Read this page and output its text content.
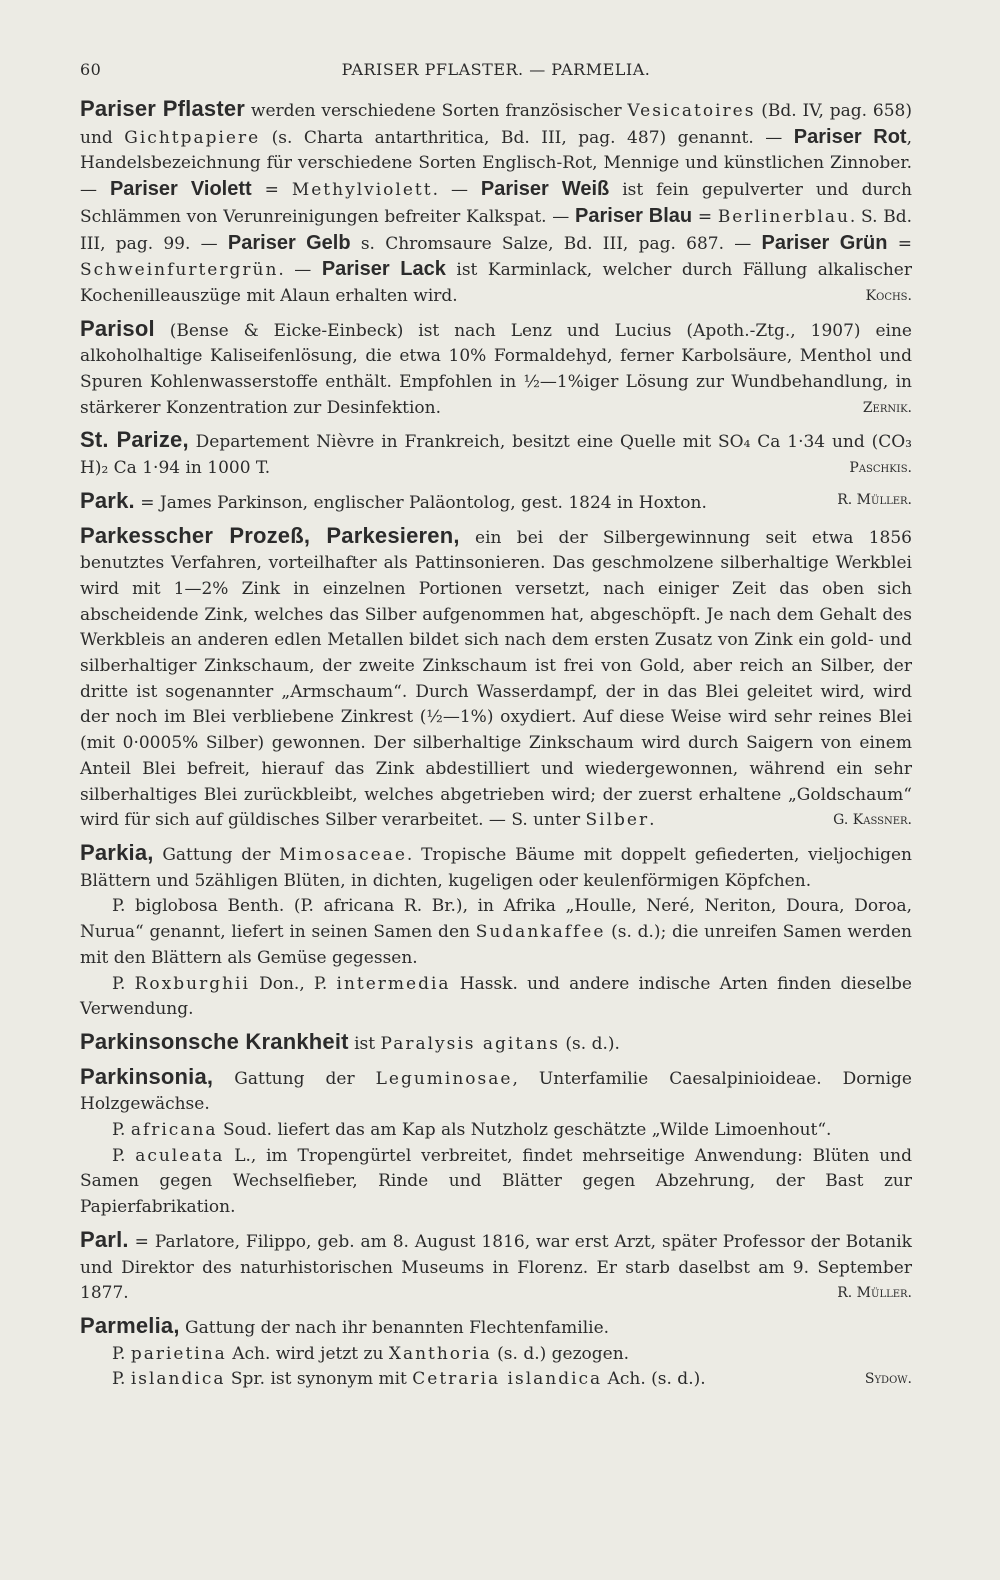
60	PARISER PFLASTER. — PARMELIA.
Pariser Pflaster werden verschiedene Sorten französischer Vesicatoires (Bd. IV, pag. 658) und Gichtpapiere (s. Charta antarthritica, Bd. III, pag. 487) genannt. — Pariser Rot, Handelsbezeichnung für verschiedene Sorten Englisch-Rot, Mennige und künstlichen Zinnober. — Pariser Violett = Methylviolett. — Pariser Weiß ist fein gepulverter und durch Schlämmen von Verunreinigungen befreiter Kalkspat. — Pariser Blau = Berlinerblau. S. Bd. III, pag. 99. — Pariser Gelb s. Chromsaure Salze, Bd. III, pag. 687. — Pariser Grün = Schweinfurtergrün. — Pariser Lack ist Karminlack, welcher durch Fällung alkalischer Kochenilleauszüge mit Alaun erhalten wird.	Kochs.
Parisol (Bense & Eicke-Einbeck) ist nach Lenz und Lucius (Apoth.-Ztg., 1907) eine alkoholhaltige Kaliseifenlösung, die etwa 10% Formaldehyd, ferner Karbolsäure, Menthol und Spuren Kohlenwasserstoffe enthält. Empfohlen in ½—1%iger Lösung zur Wundbehandlung, in stärkerer Konzentration zur Desinfektion.	Zernik.
St. Parize, Departement Nièvre in Frankreich, besitzt eine Quelle mit SO₄ Ca 1·34 und (CO₃ H)₂ Ca 1·94 in 1000 T.	Paschkis.
Park. = James Parkinson, englischer Paläontolog, gest. 1824 in Hoxton.	R. Müller.
Parkesscher Prozeß, Parkesieren, ein bei der Silbergewinnung seit etwa 1856 benutztes Verfahren, vorteilhafter als Pattinsonieren. Das geschmolzene silberhaltige Werkblei wird mit 1—2% Zink in einzelnen Portionen versetzt, nach einiger Zeit das oben sich abscheidende Zink, welches das Silber aufgenommen hat, abgeschöpft. Je nach dem Gehalt des Werkbleis an anderen edlen Metallen bildet sich nach dem ersten Zusatz von Zink ein gold- und silberhaltiger Zinkschaum, der zweite Zinkschaum ist frei von Gold, aber reich an Silber, der dritte ist sogenannter „Armschaum“. Durch Wasserdampf, der in das Blei geleitet wird, wird der noch im Blei verbliebene Zinkrest (½—1%) oxydiert. Auf diese Weise wird sehr reines Blei (mit 0·0005% Silber) gewonnen. Der silberhaltige Zinkschaum wird durch Saigern von einem Anteil Blei befreit, hierauf das Zink abdestilliert und wiedergewonnen, während ein sehr silberhaltiges Blei zurückbleibt, welches abgetrieben wird; der zuerst erhaltene „Goldschaum“ wird für sich auf güldisches Silber verarbeitet. — S. unter Silber.	G. Kassner.
Parkia, Gattung der Mimosaceae. Tropische Bäume mit doppelt gefiederten, vieljochigen Blättern und 5zähligen Blüten, in dichten, kugeligen oder keulenförmigen Köpfchen.
P. biglobosa Benth. (P. africana R. Br.), in Afrika „Houlle, Neré, Neriton, Doura, Doroa, Nurua“ genannt, liefert in seinen Samen den Sudankaffee (s. d.); die unreifen Samen werden mit den Blättern als Gemüse gegessen.
P. Roxburghii Don., P. intermedia Hassk. und andere indische Arten finden dieselbe Verwendung.
Parkinsonsche Krankheit ist Paralysis agitans (s. d.).
Parkinsonia, Gattung der Leguminosae, Unterfamilie Caesalpinioideae. Dornige Holzgewächse.
P. africana Soud. liefert das am Kap als Nutzholz geschätzte „Wilde Limoenhout“.
P. aculeata L., im Tropengürtel verbreitet, findet mehrseitige Anwendung: Blüten und Samen gegen Wechselfieber, Rinde und Blätter gegen Abzehrung, der Bast zur Papierfabrikation.
Parl. = Parlatore, Filippo, geb. am 8. August 1816, war erst Arzt, später Professor der Botanik und Direktor des naturhistorischen Museums in Florenz. Er starb daselbst am 9. September 1877.	R. Müller.
Parmelia, Gattung der nach ihr benannten Flechtenfamilie.
P. parietina Ach. wird jetzt zu Xanthoria (s. d.) gezogen.
P. islandica Spr. ist synonym mit Cetraria islandica Ach. (s. d.).	Sydow.
